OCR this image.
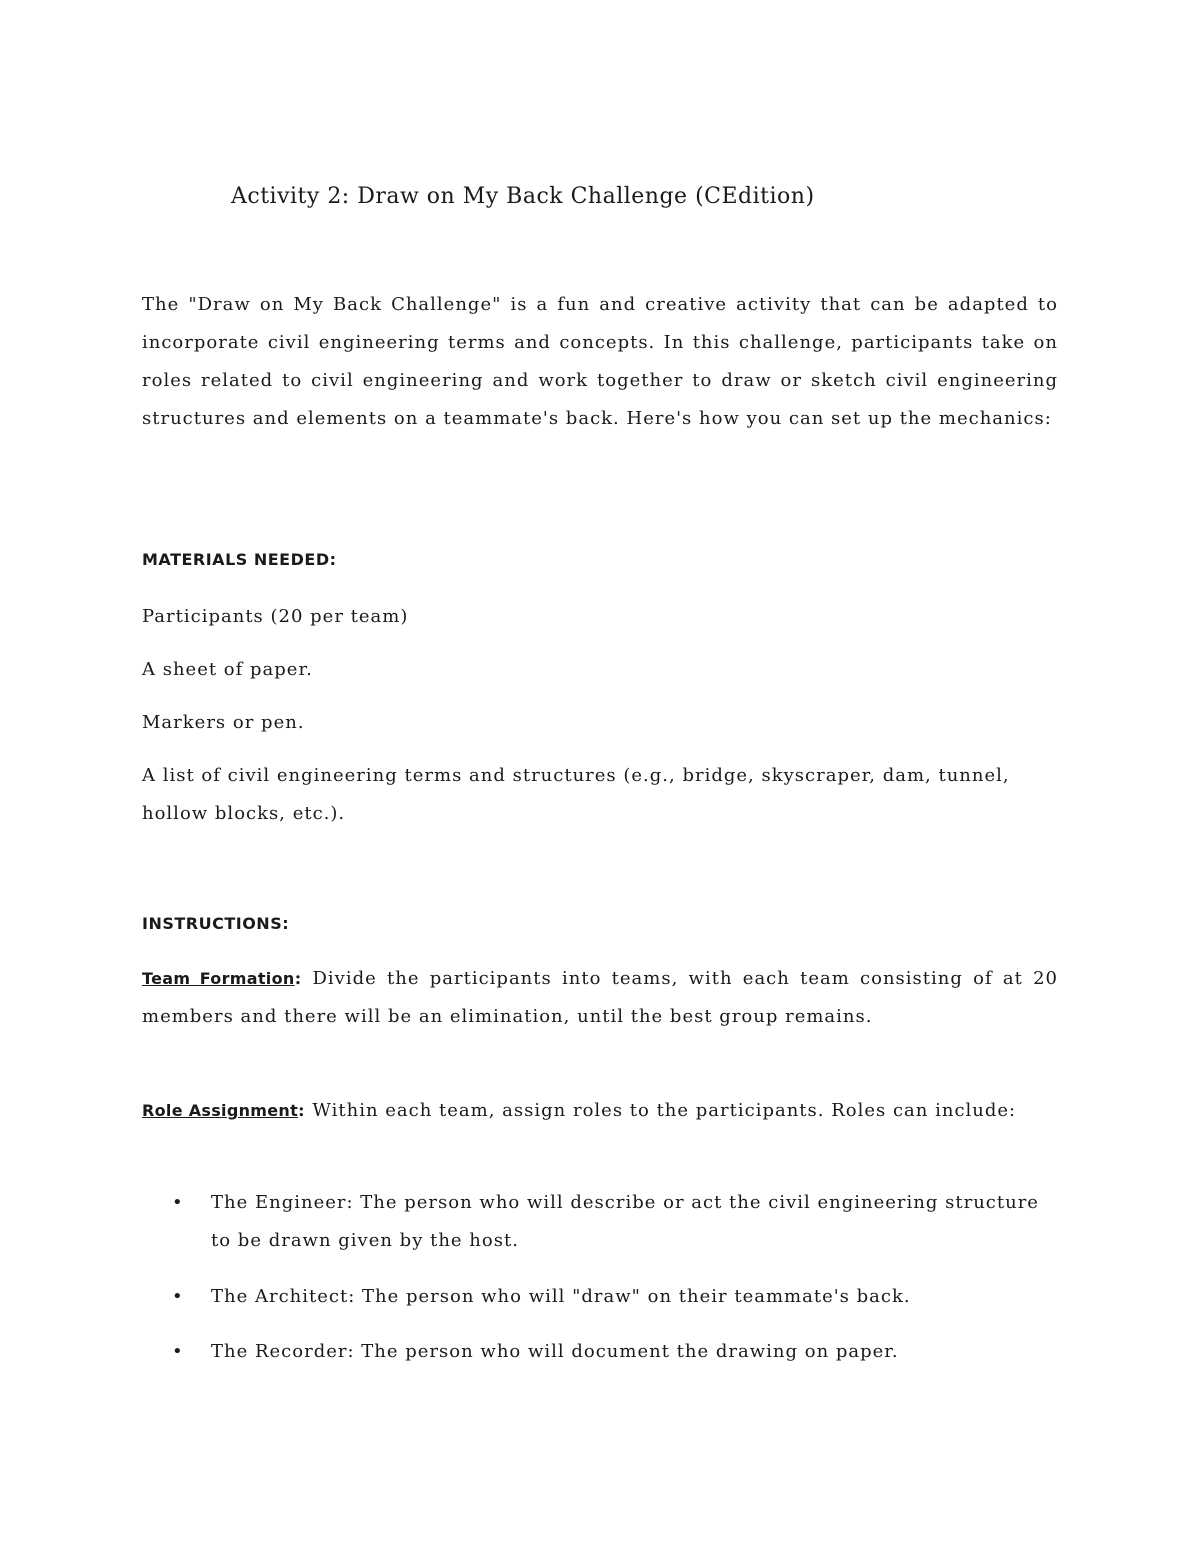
Activity 2: Draw on My Back Challenge (CEdition)
The "Draw on My Back Challenge" is a fun and creative activity that can be adapted to incorporate civil engineering terms and concepts. In this challenge, participants take on roles related to civil engineering and work together to draw or sketch civil engineering structures and elements on a teammate's back. Here's how you can set up the mechanics:
MATERIALS NEEDED:
Participants (20 per team)
A sheet of paper.
Markers or pen.
A list of civil engineering terms and structures (e.g., bridge, skyscraper, dam, tunnel, hollow blocks, etc.).
INSTRUCTIONS:
Team Formation: Divide the participants into teams, with each team consisting of at 20 members and there will be an elimination, until the best group remains.
Role Assignment: Within each team, assign roles to the participants. Roles can include:
• The Engineer: The person who will describe or act the civil engineering structure to be drawn given by the host.
• The Architect: The person who will "draw" on their teammate's back.
• The Recorder: The person who will document the drawing on paper.
